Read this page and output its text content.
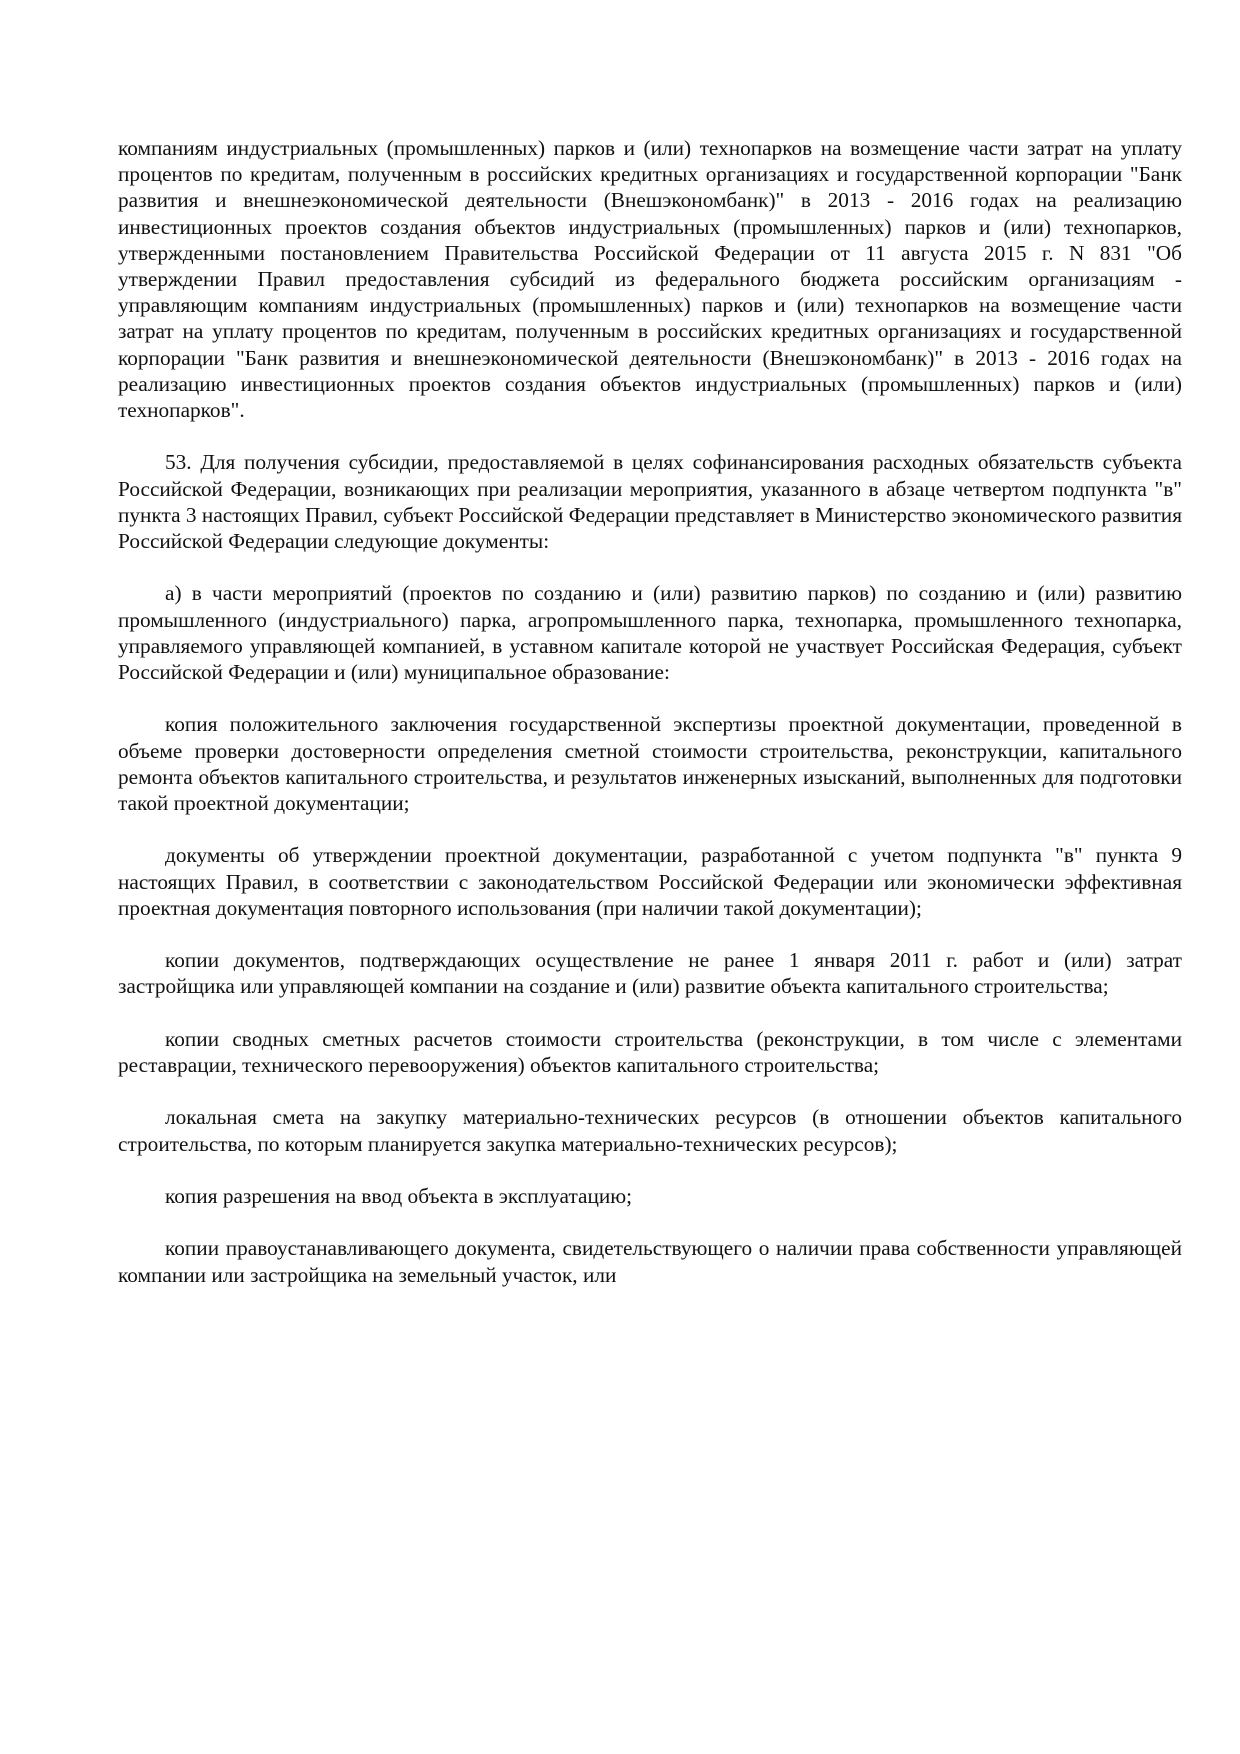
компаниям индустриальных (промышленных) парков и (или) технопарков на возмещение части затрат на уплату процентов по кредитам, полученным в российских кредитных организациях и государственной корпорации "Банк развития и внешнеэкономической деятельности (Внешэкономбанк)" в 2013 - 2016 годах на реализацию инвестиционных проектов создания объектов индустриальных (промышленных) парков и (или) технопарков, утвержденными постановлением Правительства Российской Федерации от 11 августа 2015 г. N 831 "Об утверждении Правил предоставления субсидий из федерального бюджета российским организациям - управляющим компаниям индустриальных (промышленных) парков и (или) технопарков на возмещение части затрат на уплату процентов по кредитам, полученным в российских кредитных организациях и государственной корпорации "Банк развития и внешнеэкономической деятельности (Внешэкономбанк)" в 2013 - 2016 годах на реализацию инвестиционных проектов создания объектов индустриальных (промышленных) парков и (или) технопарков".

53. Для получения субсидии, предоставляемой в целях софинансирования расходных обязательств субъекта Российской Федерации, возникающих при реализации мероприятия, указанного в абзаце четвертом подпункта "в" пункта 3 настоящих Правил, субъект Российской Федерации представляет в Министерство экономического развития Российской Федерации следующие документы:

а) в части мероприятий (проектов по созданию и (или) развитию парков) по созданию и (или) развитию промышленного (индустриального) парка, агропромышленного парка, технопарка, промышленного технопарка, управляемого управляющей компанией, в уставном капитале которой не участвует Российская Федерация, субъект Российской Федерации и (или) муниципальное образование:

копия положительного заключения государственной экспертизы проектной документации, проведенной в объеме проверки достоверности определения сметной стоимости строительства, реконструкции, капитального ремонта объектов капитального строительства, и результатов инженерных изысканий, выполненных для подготовки такой проектной документации;

документы об утверждении проектной документации, разработанной с учетом подпункта "в" пункта 9 настоящих Правил, в соответствии с законодательством Российской Федерации или экономически эффективная проектная документация повторного использования (при наличии такой документации);

копии документов, подтверждающих осуществление не ранее 1 января 2011 г. работ и (или) затрат застройщика или управляющей компании на создание и (или) развитие объекта капитального строительства;

копии сводных сметных расчетов стоимости строительства (реконструкции, в том числе с элементами реставрации, технического перевооружения) объектов капитального строительства;

локальная смета на закупку материально-технических ресурсов (в отношении объектов капитального строительства, по которым планируется закупка материально-технических ресурсов);

копия разрешения на ввод объекта в эксплуатацию;

копии правоустанавливающего документа, свидетельствующего о наличии права собственности управляющей компании или застройщика на земельный участок, или
